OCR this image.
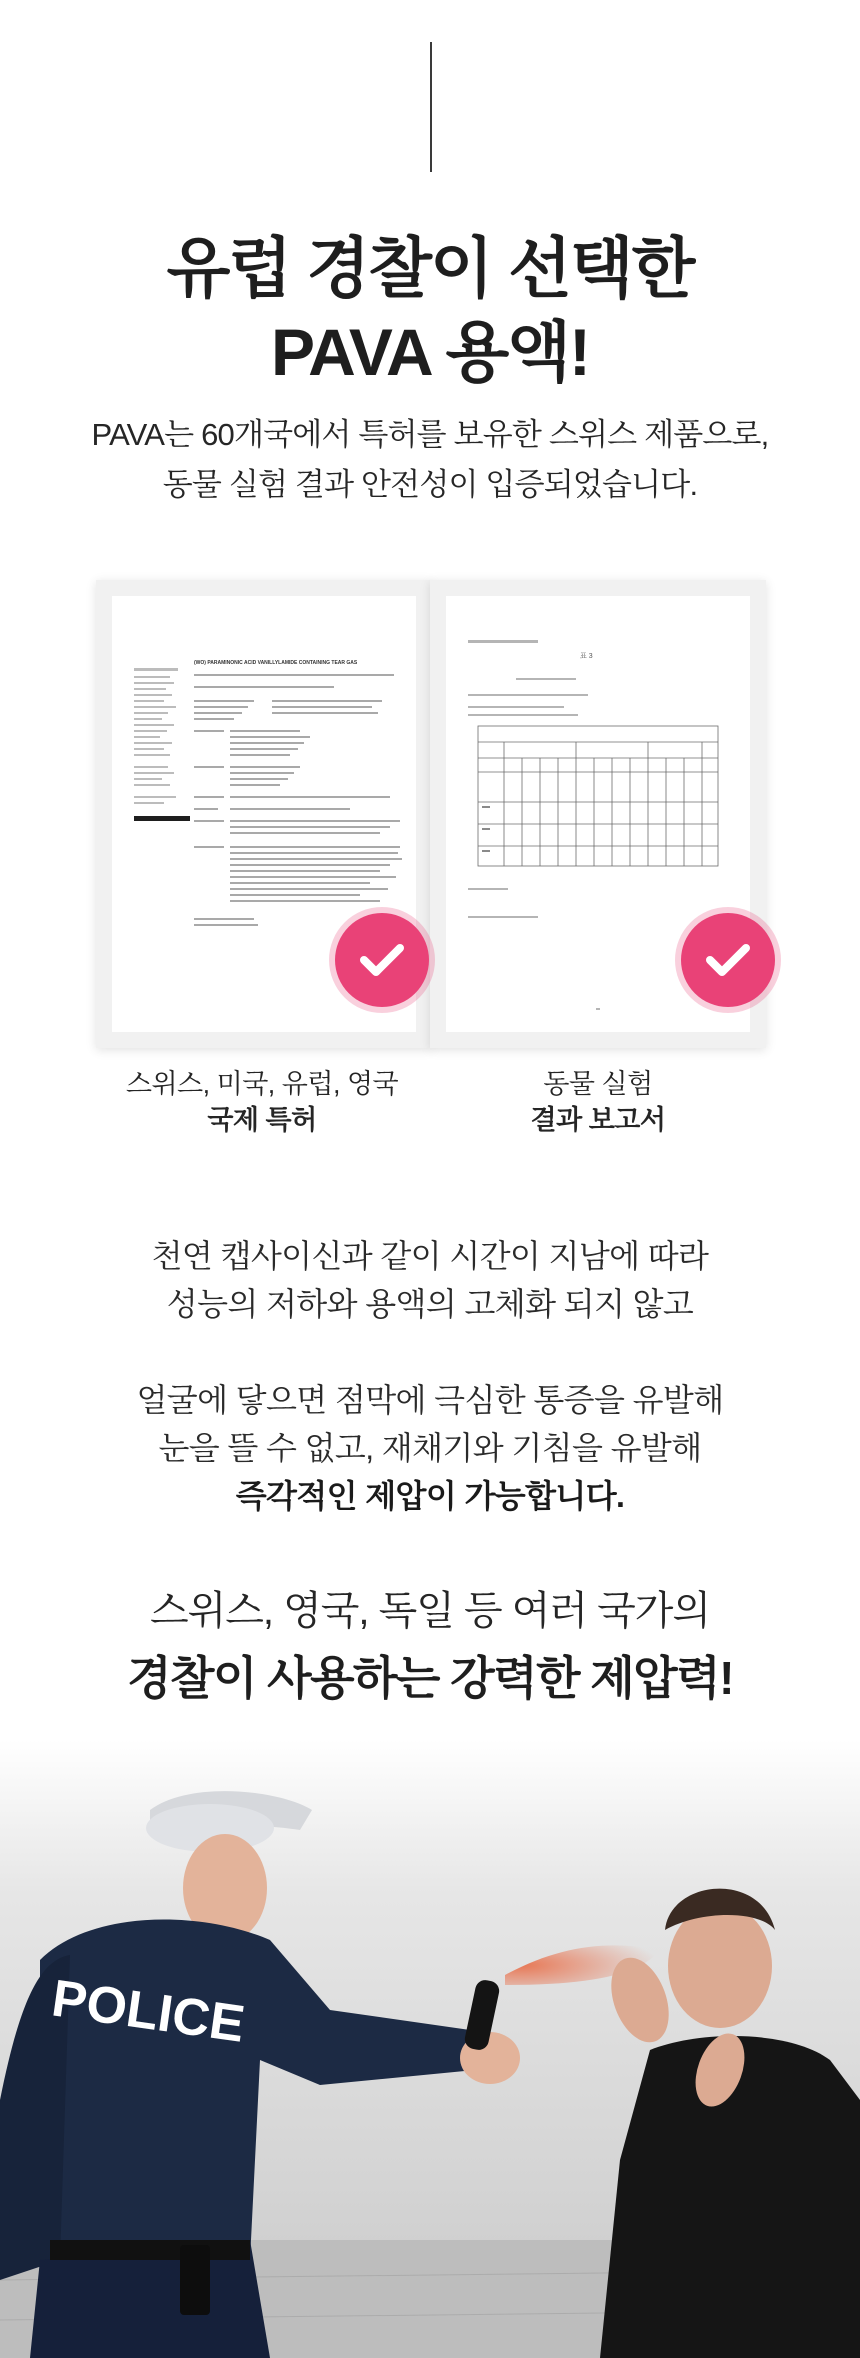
유럽 경찰이 선택한
PAVA 용액!
PAVA는 60개국에서 특허를 보유한 스위스 제품으로,
동물 실험 결과 안전성이 입증되었습니다.
(WO) PARAMINONIC ACID VANILLYLAMIDE CONTAINING TEAR GAS
표 3
스위스, 미국, 유럽, 영국
국제 특허
동물 실험
결과 보고서
천연 캡사이신과 같이 시간이 지남에 따라
성능의 저하와 용액의 고체화 되지 않고
얼굴에 닿으면 점막에 극심한 통증을 유발해
눈을 뜰 수 없고, 재채기와 기침을 유발해
즉각적인 제압이 가능합니다.
스위스, 영국, 독일 등 여러 국가의
경찰이 사용하는 강력한 제압력!
POLICE
